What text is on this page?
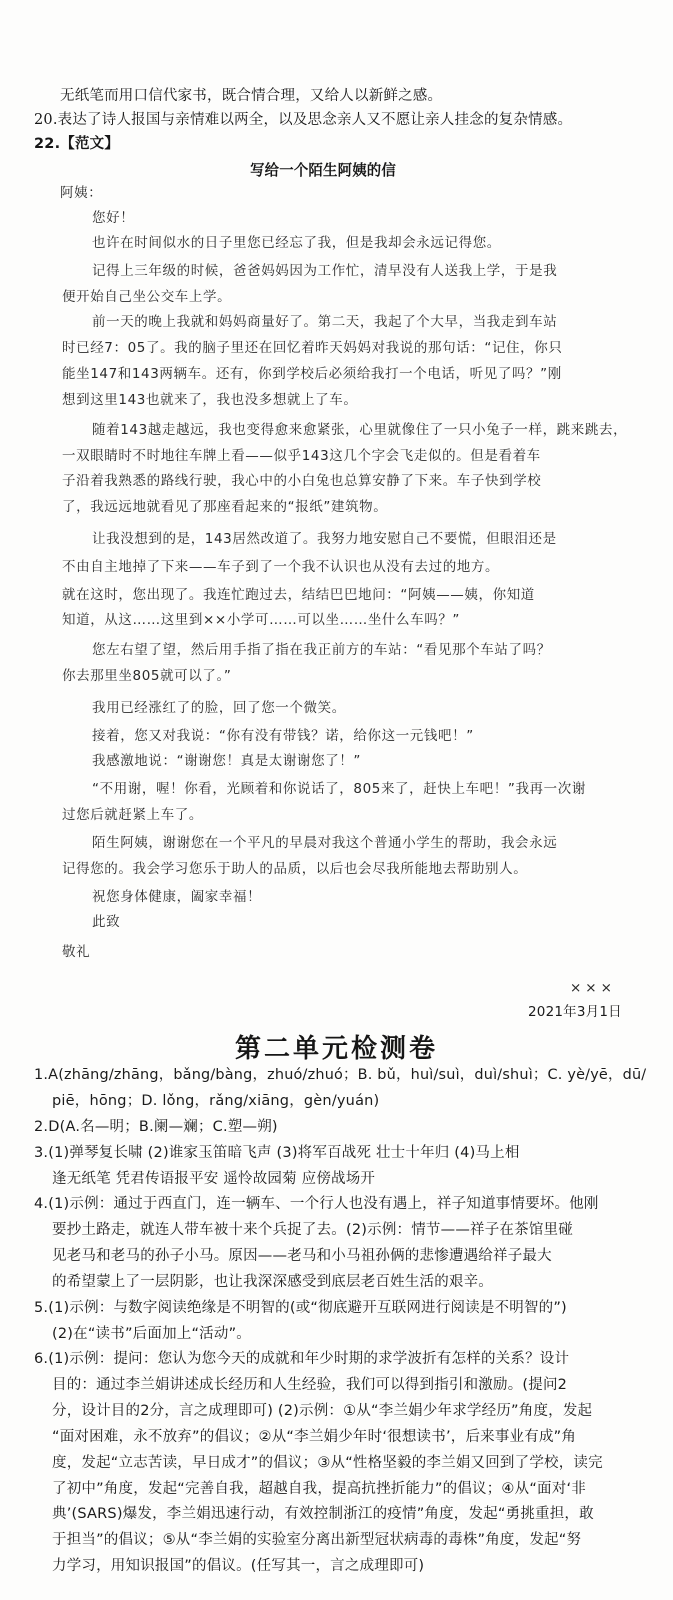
无纸笔而用口信代家书，既合情合理，又给人以新鲜之感。
20.表达了诗人报国与亲情难以两全，以及思念亲人又不愿让亲人挂念的复杂情感。
22.【范文】
写给一个陌生阿姨的信
阿姨：
您好！
也许在时间似水的日子里您已经忘了我，但是我却会永远记得您。
记得上三年级的时候，爸爸妈妈因为工作忙，清早没有人送我上学，于是我
便开始自己坐公交车上学。
前一天的晚上我就和妈妈商量好了。第二天，我起了个大早，当我走到车站
时已经7：05了。我的脑子里还在回忆着昨天妈妈对我说的那句话：“记住，你只
能坐147和143两辆车。还有，你到学校后必须给我打一个电话，听见了吗？”刚
想到这里143也就来了，我也没多想就上了车。
随着143越走越远，我也变得愈来愈紧张，心里就像住了一只小兔子一样，跳来跳去，
一双眼睛时不时地往车牌上看——似乎143这几个字会飞走似的。但是看着车
子沿着我熟悉的路线行驶，我心中的小白兔也总算安静了下来。车子快到学校
了，我远远地就看见了那座看起来的“报纸”建筑物。
让我没想到的是，143居然改道了。我努力地安慰自己不要慌，但眼泪还是
不由自主地掉了下来——车子到了一个我不认识也从没有去过的地方。
就在这时，您出现了。我连忙跑过去，结结巴巴地问：“阿姨——姨，你知道
知道，从这……这里到××小学可……可以坐……坐什么车吗？”
您左右望了望，然后用手指了指在我正前方的车站：“看见那个车站了吗？
你去那里坐805就可以了。”
我用已经涨红了的脸，回了您一个微笑。
接着，您又对我说：“你有没有带钱？诺，给你这一元钱吧！”
我感激地说：“谢谢您！真是太谢谢您了！”
“不用谢，喔！你看，光顾着和你说话了，805来了，赶快上车吧！”我再一次谢
过您后就赶紧上车了。
陌生阿姨，谢谢您在一个平凡的早晨对我这个普通小学生的帮助，我会永远
记得您的。我会学习您乐于助人的品质，以后也会尽我所能地去帮助别人。
祝您身体健康，阖家幸福！
此致
敬礼
×××
2021年3月1日
第二单元检测卷
1.A(zhāng/zhāng，bǎng/bàng，zhuó/zhuó；B. bǔ，huì/suì，duì/shuì；C. yè/yē，dū/
piē，hōng；D. lǒng，rǎng/xiāng，gèn/yuán)
2.D(A.名—明；B.阑—斓；C.塑—朔)
3.(1)弹琴复长啸 (2)谁家玉笛暗飞声 (3)将军百战死 壮士十年归 (4)马上相
逢无纸笔 凭君传语报平安 遥怜故园菊 应傍战场开
4.(1)示例：通过于西直门，连一辆车、一个行人也没有遇上，祥子知道事情要坏。他刚
要抄土路走，就连人带车被十来个兵捉了去。(2)示例：情节——祥子在茶馆里碰
见老马和老马的孙子小马。原因——老马和小马祖孙俩的悲惨遭遇给祥子最大
的希望蒙上了一层阴影，也让我深深感受到底层老百姓生活的艰辛。
5.(1)示例：与数字阅读绝缘是不明智的(或“彻底避开互联网进行阅读是不明智的”)
(2)在“读书”后面加上“活动”。
6.(1)示例：提问：您认为您今天的成就和年少时期的求学波折有怎样的关系？设计
目的：通过李兰娟讲述成长经历和人生经验，我们可以得到指引和激励。(提问2
分，设计目的2分，言之成理即可) (2)示例：①从“李兰娟少年求学经历”角度，发起
“面对困难，永不放弃”的倡议；②从“李兰娟少年时‘很想读书’，后来事业有成”角
度，发起“立志苦读，早日成才”的倡议；③从“性格坚毅的李兰娟又回到了学校，读完
了初中”角度，发起“完善自我，超越自我，提高抗挫折能力”的倡议；④从“面对‘非
典’(SARS)爆发，李兰娟迅速行动，有效控制浙江的疫情”角度，发起“勇挑重担，敢
于担当”的倡议；⑤从“李兰娟的实验室分离出新型冠状病毒的毒株”角度，发起“努
力学习，用知识报国”的倡议。(任写其一，言之成理即可)
